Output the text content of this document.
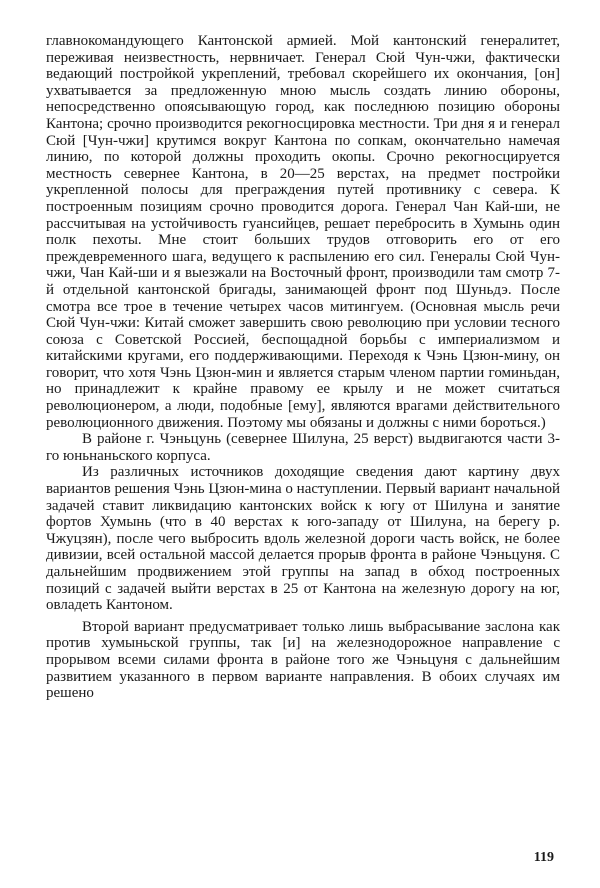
главнокомандующего Кантонской армией. Мой кантонский генералитет, переживая неизвестность, нервничает. Генерал Сюй Чун-чжи, фактически ведающий постройкой укреплений, требовал скорейшего их окончания, [он] ухватывается за предложенную мною мысль создать линию обороны, непосредственно опоясывающую город, как последнюю позицию обороны Кантона; срочно производится рекогносцировка местности. Три дня я и генерал Сюй [Чун-чжи] крутимся вокруг Кантона по сопкам, окончательно намечая линию, по которой должны проходить окопы. Срочно рекогносцируется местность севернее Кантона, в 20—25 верстах, на предмет постройки укрепленной полосы для преграждения путей противнику с севера. К построенным позициям срочно проводится дорога. Генерал Чан Кай-ши, не рассчитывая на устойчивость гуансийцев, решает перебросить в Хумынь один полк пехоты. Мне стоит больших трудов отговорить его от его преждевременного шага, ведущего к распылению его сил. Генералы Сюй Чун-чжи, Чан Кай-ши и я выезжали на Восточный фронт, производили там смотр 7-й отдельной кантонской бригады, занимающей фронт под Шуньдэ. После смотра все трое в течение четырех часов митингуем. (Основная мысль речи Сюй Чун-чжи: Китай сможет завершить свою революцию при условии тесного союза с Советской Россией, беспощадной борьбы с империализмом и китайскими кругами, его поддерживающими. Переходя к Чэнь Цзюн-мину, он говорит, что хотя Чэнь Цзюн-мин и является старым членом партии гоминьдан, но принадлежит к крайне правому ее крылу и не может считаться революционером, а люди, подобные [ему], являются врагами действительного революционного движения. Поэтому мы обязаны и должны с ними бороться.)

В районе г. Чэньцунь (севернее Шилуна, 25 верст) выдвигаются части 3-го юньнаньского корпуса.

Из различных источников доходящие сведения дают картину двух вариантов решения Чэнь Цзюн-мина о наступлении. Первый вариант начальной задачей ставит ликвидацию кантонских войск к югу от Шилуна и занятие фортов Хумынь (что в 40 верстах к юго-западу от Шилуна, на берегу р. Чжуцзян), после чего выбросить вдоль железной дороги часть войск, не более дивизии, всей остальной массой делается прорыв фронта в районе Чэньцуня. С дальнейшим продвижением этой группы на запад в обход построенных позиций с задачей выйти верстах в 25 от Кантона на железную дорогу на юг, овладеть Кантоном.

Второй вариант предусматривает только лишь выбрасывание заслона как против хумыньской группы, так [и] на железнодорожное направление с прорывом всеми силами фронта в районе того же Чэньцуня с дальнейшим развитием указанного в первом варианте направления. В обоих случаях им решено

119
